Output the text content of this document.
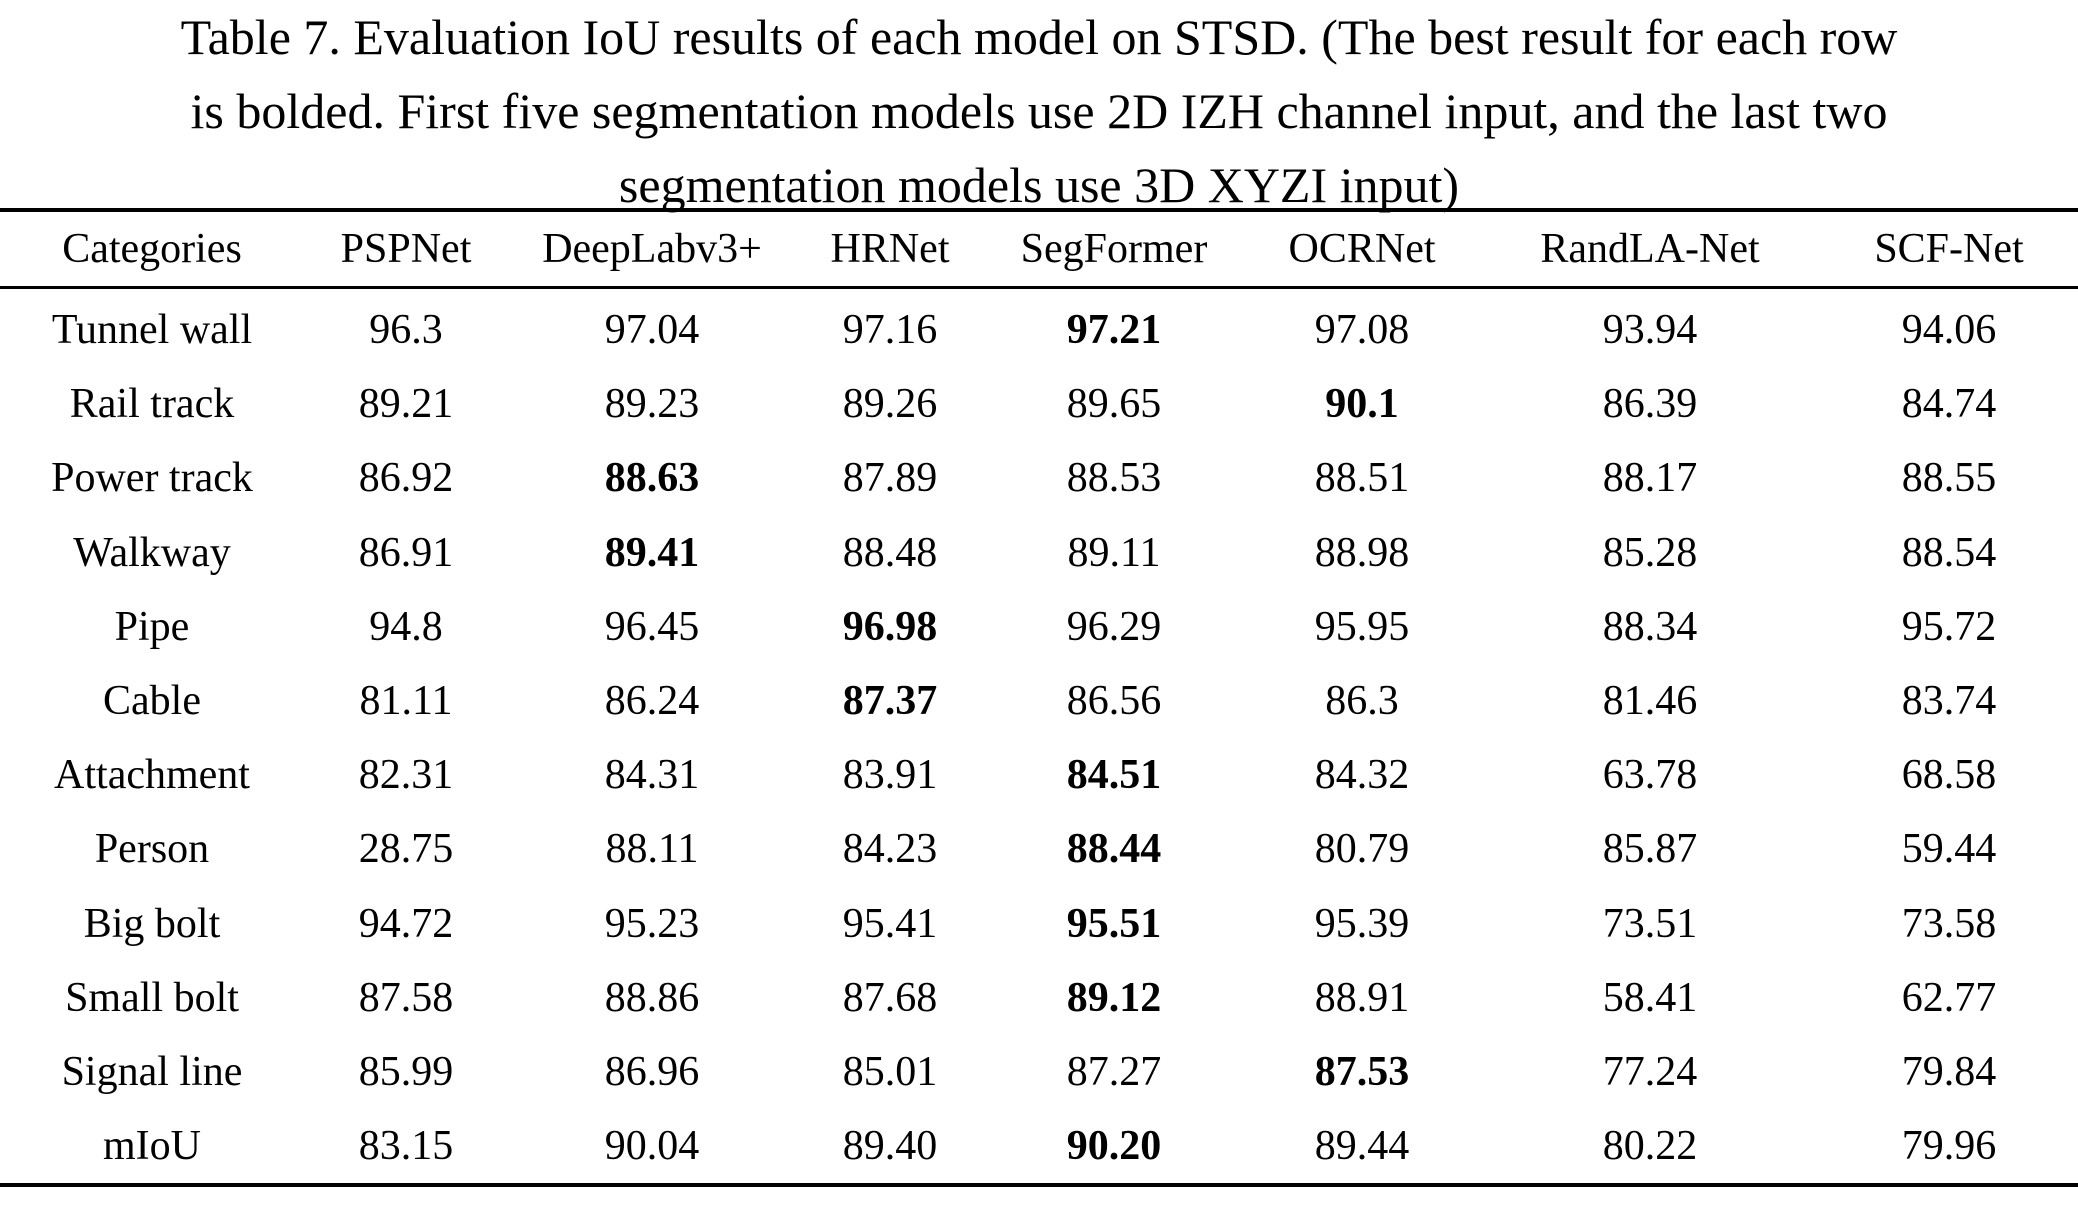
Table 7. Evaluation IoU results of each model on STSD. (The best result for each row
is bolded. First five segmentation models use 2D IZH channel input, and the last two
segmentation models use 3D XYZI input)
Categories	PSPNet	DeepLabv3+	HRNet	SegFormer	OCRNet	RandLA-Net	SCF-Net
Tunnel wall	96.3	97.04	97.16	97.21	97.08	93.94	94.06
Rail track	89.21	89.23	89.26	89.65	90.1	86.39	84.74
Power track	86.92	88.63	87.89	88.53	88.51	88.17	88.55
Walkway	86.91	89.41	88.48	89.11	88.98	85.28	88.54
Pipe	94.8	96.45	96.98	96.29	95.95	88.34	95.72
Cable	81.11	86.24	87.37	86.56	86.3	81.46	83.74
Attachment	82.31	84.31	83.91	84.51	84.32	63.78	68.58
Person	28.75	88.11	84.23	88.44	80.79	85.87	59.44
Big bolt	94.72	95.23	95.41	95.51	95.39	73.51	73.58
Small bolt	87.58	88.86	87.68	89.12	88.91	58.41	62.77
Signal line	85.99	86.96	85.01	87.27	87.53	77.24	79.84
mIoU	83.15	90.04	89.40	90.20	89.44	80.22	79.96
